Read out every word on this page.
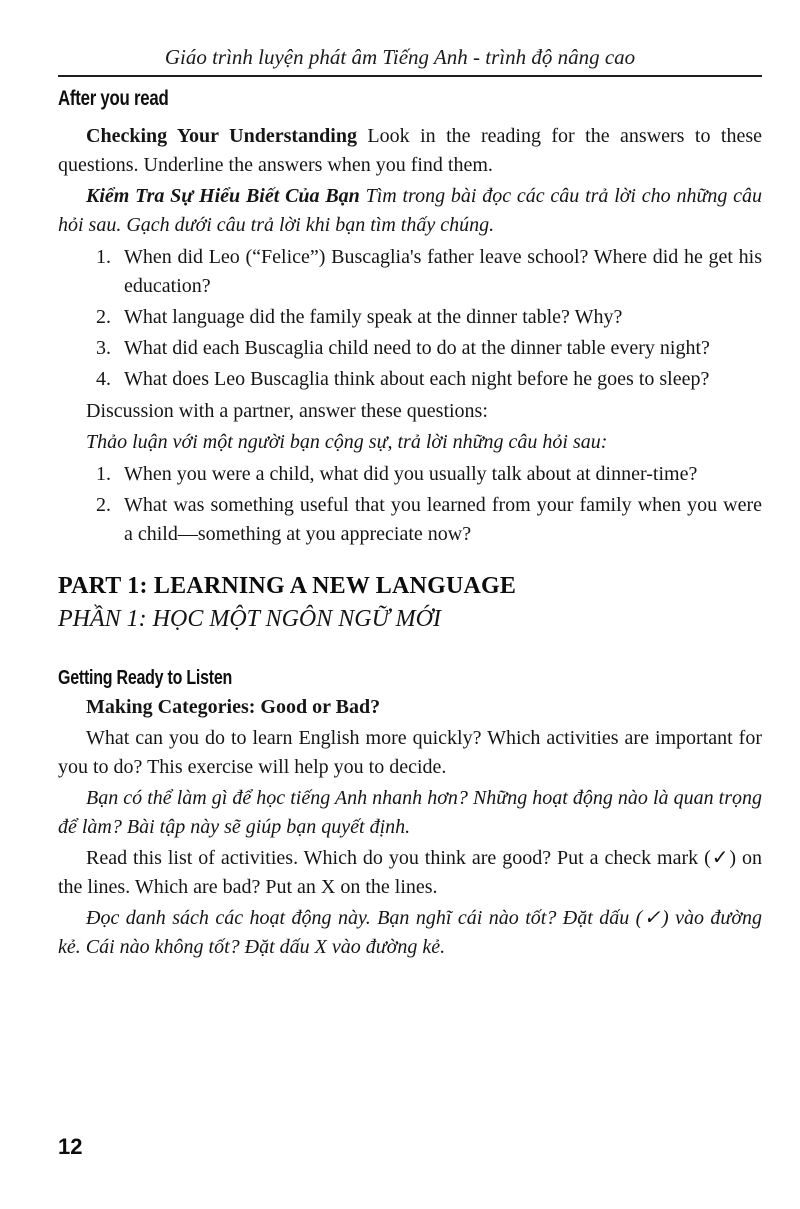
Giáo trình luyện phát âm Tiếng Anh - trình độ nâng cao
After you read

Checking Your Understanding Look in the reading for the answers to these questions. Underline the answers when you find them.

Kiểm Tra Sự Hiểu Biết Của Bạn Tìm trong bài đọc các câu trả lời cho những câu hỏi sau. Gạch dưới câu trả lời khi bạn tìm thấy chúng.

1. When did Leo (“Felice”) Buscaglia's father leave school? Where did he get his education?
2. What language did the family speak at the dinner table? Why?
3. What did each Buscaglia child need to do at the dinner table every night?
4. What does Leo Buscaglia think about each night before he goes to sleep?

Discussion with a partner, answer these questions:

Thảo luận với một người bạn cộng sự, trả lời những câu hỏi sau:

1. When you were a child, what did you usually talk about at dinner-time?
2. What was something useful that you learned from your family when you were a child—something at you appreciate now?
PART 1: LEARNING A NEW LANGUAGE
PHẦN 1: HỌC MỘT NGÔN NGỮ MỚI
Getting Ready to Listen

Making Categories: Good or Bad?

What can you do to learn English more quickly? Which activities are important for you to do? This exercise will help you to decide.

Bạn có thể làm gì để học tiếng Anh nhanh hơn? Những hoạt động nào là quan trọng để làm? Bài tập này sẽ giúp bạn quyết định.

Read this list of activities. Which do you think are good? Put a check mark (✓) on the lines. Which are bad? Put an X on the lines.

Đọc danh sách các hoạt động này. Bạn nghĩ cái nào tốt? Đặt dấu (✓) vào đường kẻ. Cái nào không tốt? Đặt dấu X vào đường kẻ.

12
